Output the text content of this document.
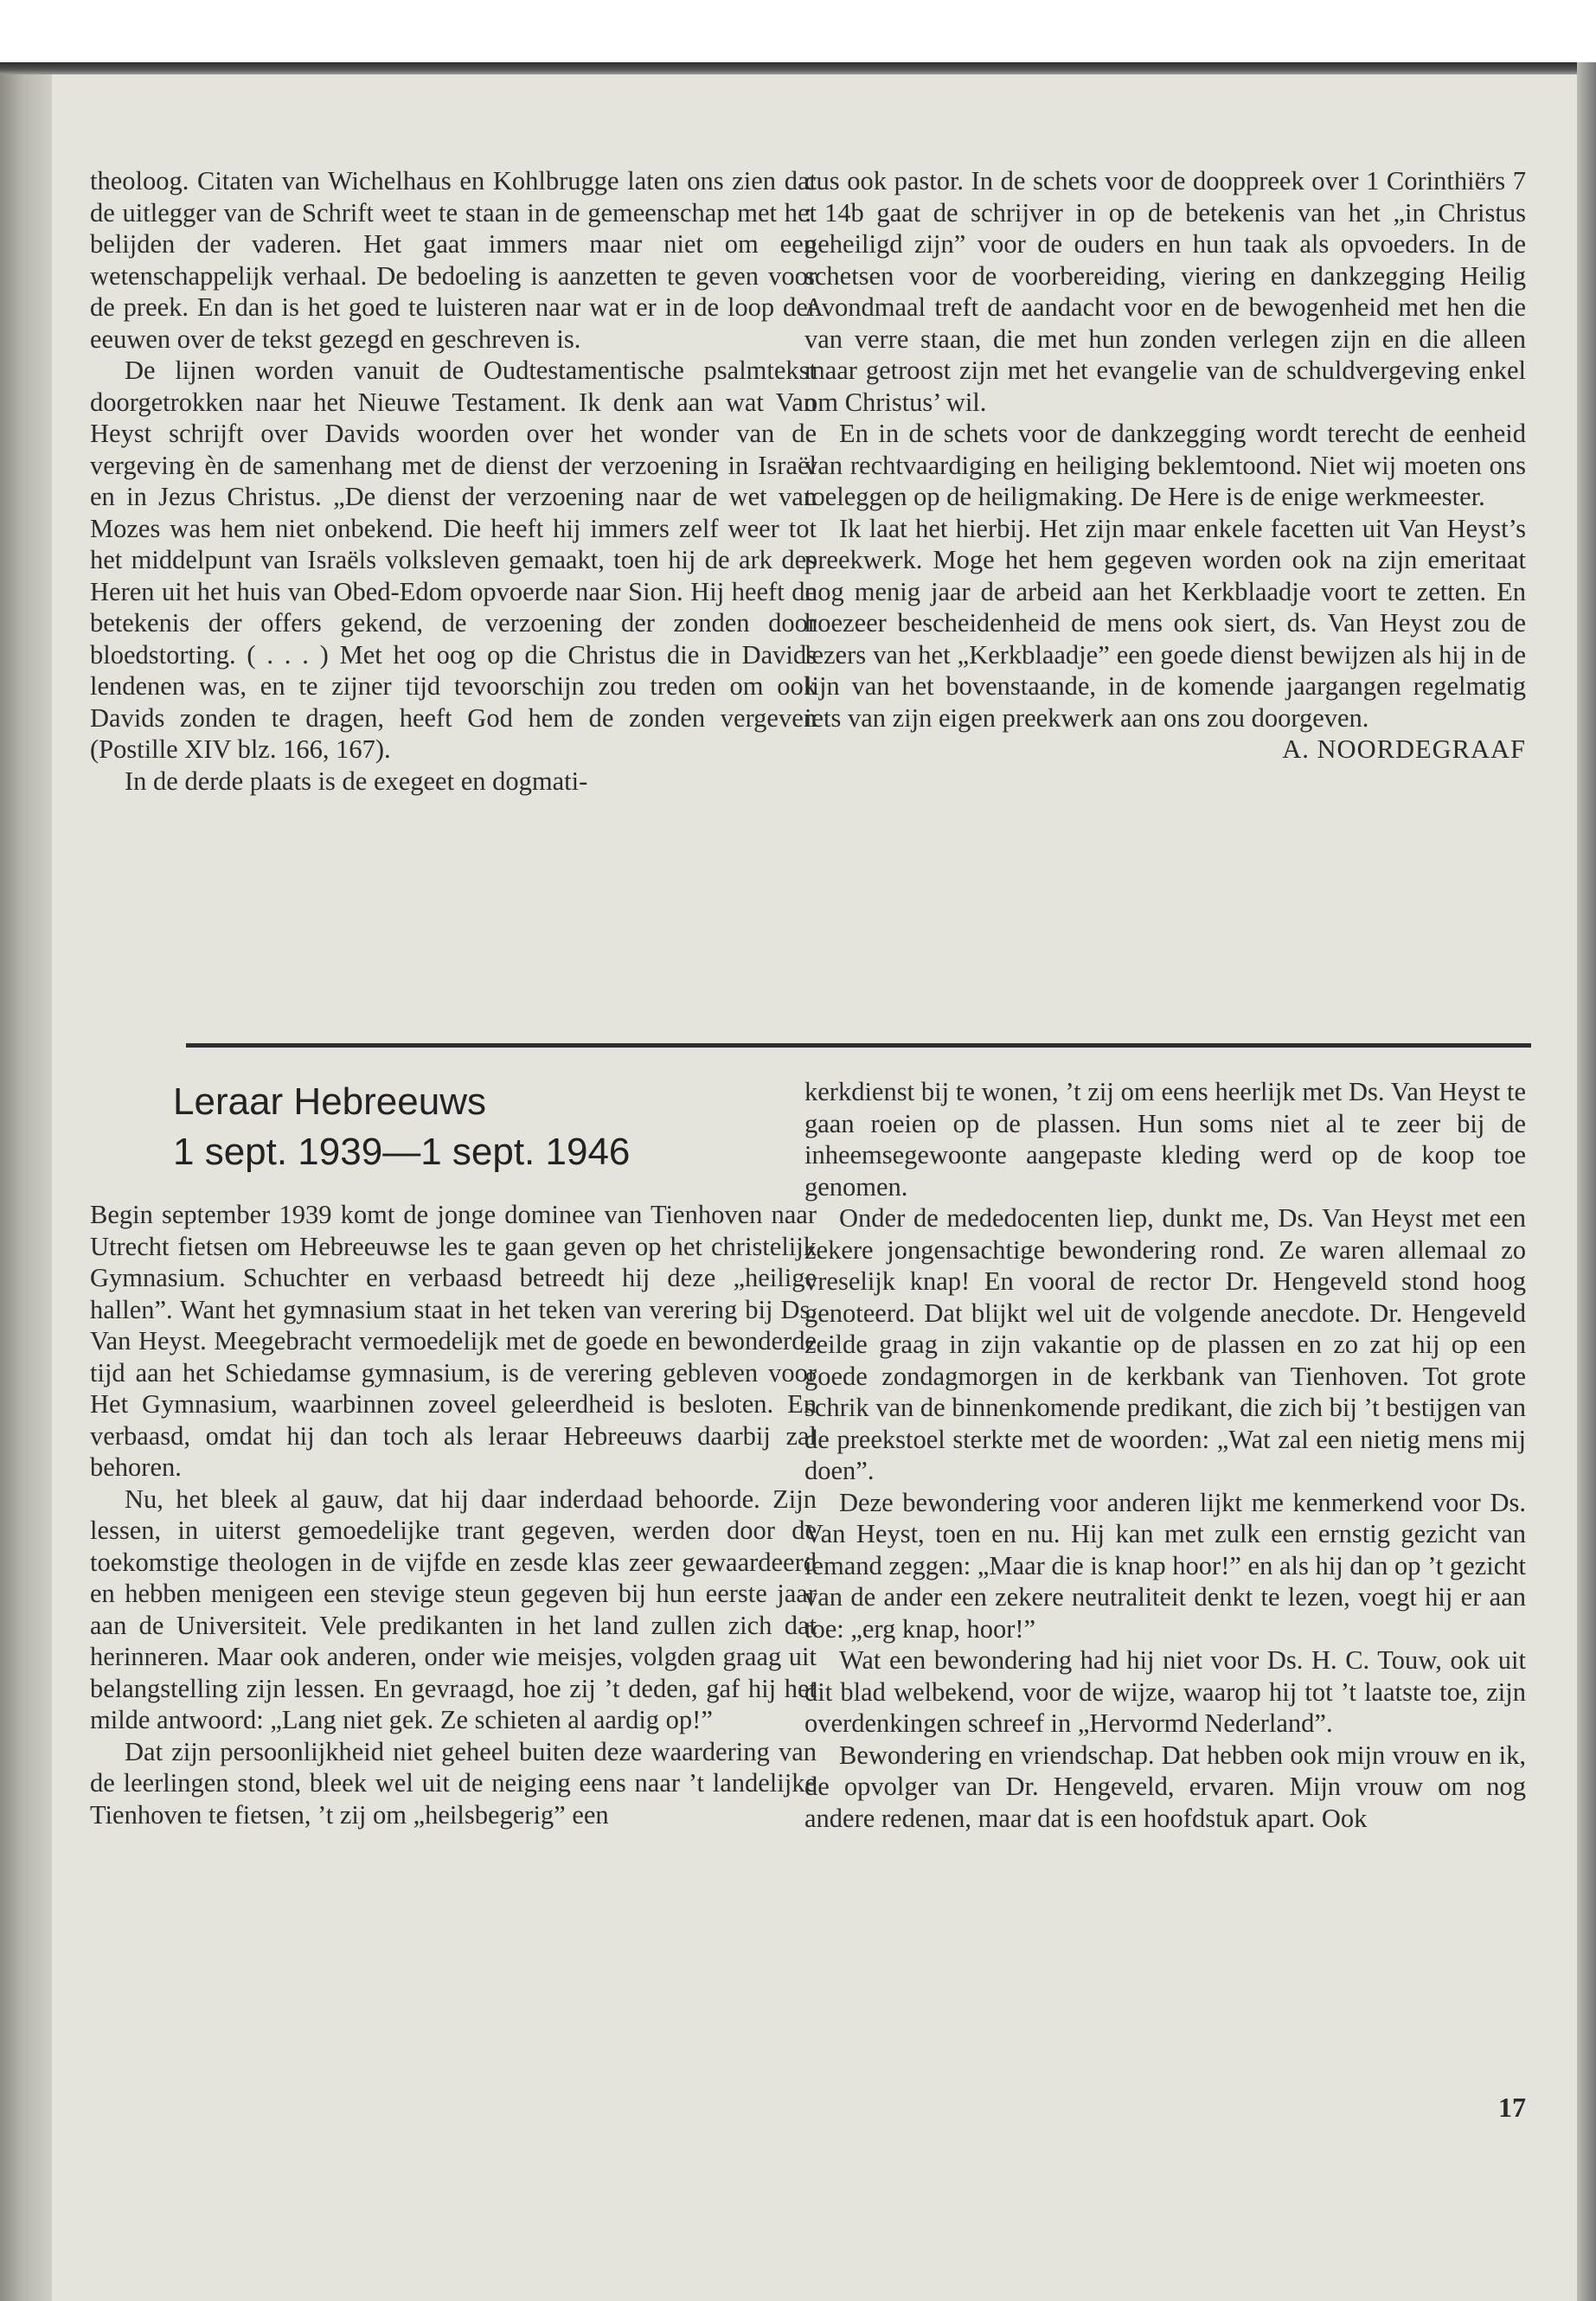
theoloog. Citaten van Wichelhaus en Kohlbrugge laten ons zien dat de uitlegger van de Schrift weet te staan in de gemeenschap met het belijden der vaderen. Het gaat immers maar niet om een wetenschappelijk verhaal. De bedoeling is aanzetten te geven voor de preek. En dan is het goed te luisteren naar wat er in de loop der eeuwen over de tekst gezegd en geschreven is.

De lijnen worden vanuit de Oudtestamentische psalmtekst doorgetrokken naar het Nieuwe Testament. Ik denk aan wat Van Heyst schrijft over Davids woorden over het wonder van de vergeving èn de samenhang met de dienst der verzoening in Israël en in Jezus Christus. „De dienst der verzoening naar de wet van Mozes was hem niet onbekend. Die heeft hij immers zelf weer tot het middelpunt van Israëls volksleven gemaakt, toen hij de ark des Heren uit het huis van Obed-Edom opvoerde naar Sion. Hij heeft de betekenis der offers gekend, de verzoening der zonden door bloedstorting. ( . . . ) Met het oog op die Christus die in Davids lendenen was, en te zijner tijd tevoorschijn zou treden om ook Davids zonden te dragen, heeft God hem de zonden vergeven (Postille XIV blz. 166, 167).

In de derde plaats is de exegeet en dogmati-

cus ook pastor. In de schets voor de dooppreek over 1 Corinthiërs 7 : 14b gaat de schrijver in op de betekenis van het „in Christus geheiligd zijn” voor de ouders en hun taak als opvoeders. In de schetsen voor de voorbereiding, viering en dankzegging Heilig Avondmaal treft de aandacht voor en de bewogenheid met hen die van verre staan, die met hun zonden verlegen zijn en die alleen maar getroost zijn met het evangelie van de schuldvergeving enkel om Christus’ wil.

En in de schets voor de dankzegging wordt terecht de eenheid van rechtvaardiging en heiliging beklemtoond. Niet wij moeten ons toeleggen op de heiligmaking. De Here is de enige werkmeester.

Ik laat het hierbij. Het zijn maar enkele facetten uit Van Heyst’s preekwerk. Moge het hem gegeven worden ook na zijn emeritaat nog menig jaar de arbeid aan het Kerkblaadje voort te zetten. En hoezeer bescheidenheid de mens ook siert, ds. Van Heyst zou de lezers van het „Kerkblaadje” een goede dienst bewijzen als hij in de lijn van het bovenstaande, in de komende jaargangen regelmatig iets van zijn eigen preekwerk aan ons zou doorgeven.

A. NOORDEGRAAF

Leraar Hebreeuws
1 sept. 1939—1 sept. 1946

Begin september 1939 komt de jonge dominee van Tienhoven naar Utrecht fietsen om Hebreeuwse les te gaan geven op het christelijk Gymnasium. Schuchter en verbaasd betreedt hij deze „heilige hallen”. Want het gymnasium staat in het teken van verering bij Ds. Van Heyst. Meegebracht vermoedelijk met de goede en bewonderde tijd aan het Schiedamse gymnasium, is de verering gebleven voor Het Gymnasium, waarbinnen zoveel geleerdheid is besloten. En verbaasd, omdat hij dan toch als leraar Hebreeuws daarbij zal behoren.

Nu, het bleek al gauw, dat hij daar inderdaad behoorde. Zijn lessen, in uiterst gemoedelijke trant gegeven, werden door de toekomstige theologen in de vijfde en zesde klas zeer gewaardeerd en hebben menigeen een stevige steun gegeven bij hun eerste jaar aan de Universiteit. Vele predikanten in het land zullen zich dat herinneren. Maar ook anderen, onder wie meisjes, volgden graag uit belangstelling zijn lessen. En gevraagd, hoe zij ’t deden, gaf hij het milde antwoord: „Lang niet gek. Ze schieten al aardig op!”

Dat zijn persoonlijkheid niet geheel buiten deze waardering van de leerlingen stond, bleek wel uit de neiging eens naar ’t landelijke Tienhoven te fietsen, ’t zij om „heilsbegerig” een

kerkdienst bij te wonen, ’t zij om eens heerlijk met Ds. Van Heyst te gaan roeien op de plassen. Hun soms niet al te zeer bij de inheemsegewoonte aangepaste kleding werd op de koop toe genomen.

Onder de mededocenten liep, dunkt me, Ds. Van Heyst met een zekere jongensachtige bewondering rond. Ze waren allemaal zo vreselijk knap! En vooral de rector Dr. Hengeveld stond hoog genoteerd. Dat blijkt wel uit de volgende anecdote. Dr. Hengeveld zeilde graag in zijn vakantie op de plassen en zo zat hij op een goede zondagmorgen in de kerkbank van Tienhoven. Tot grote schrik van de binnenkomende predikant, die zich bij ’t bestijgen van de preekstoel sterkte met de woorden: „Wat zal een nietig mens mij doen”.

Deze bewondering voor anderen lijkt me kenmerkend voor Ds. Van Heyst, toen en nu. Hij kan met zulk een ernstig gezicht van iemand zeggen: „Maar die is knap hoor!” en als hij dan op ’t gezicht van de ander een zekere neutraliteit denkt te lezen, voegt hij er aan toe: „erg knap, hoor!”

Wat een bewondering had hij niet voor Ds. H. C. Touw, ook uit dit blad welbekend, voor de wijze, waarop hij tot ’t laatste toe, zijn overdenkingen schreef in „Hervormd Nederland”.

Bewondering en vriendschap. Dat hebben ook mijn vrouw en ik, de opvolger van Dr. Hengeveld, ervaren. Mijn vrouw om nog andere redenen, maar dat is een hoofdstuk apart. Ook

17
